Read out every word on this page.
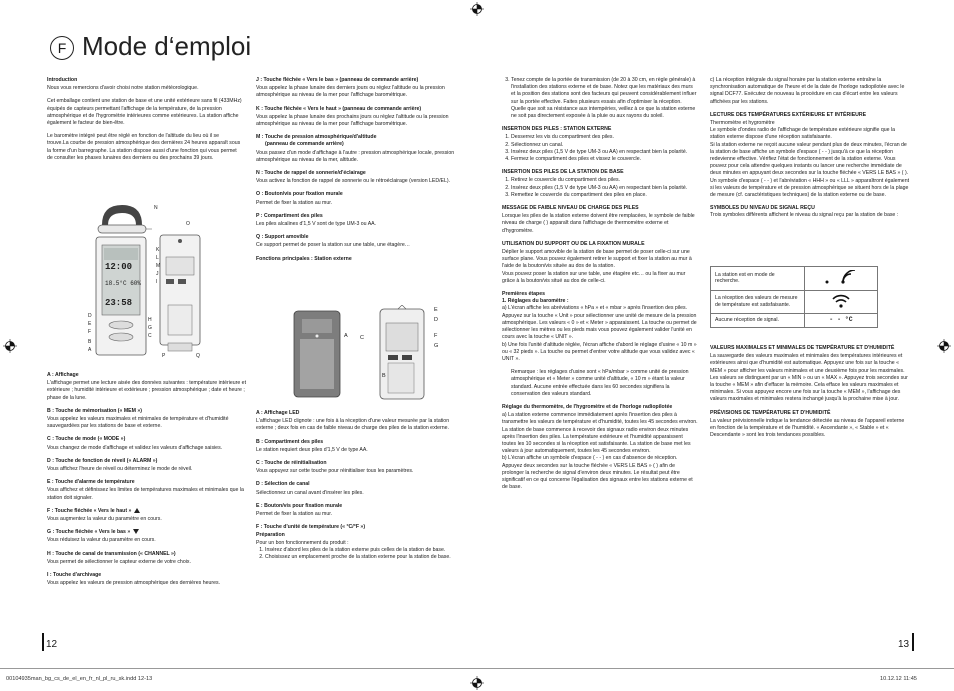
F Mode d‘emploi

Introduction

Nous vous remercions d'avoir choisi notre station météorologique.

Cet emballage contient une station de base et une unité extérieure sans fil (433MHz) équipés de capteurs permettant l'affichage de la température, de la pression atmosphérique et de l'hygrométrie intérieures comme extérieures. La station affiche également le facteur de bien-être.

Le baromètre intégré peut être réglé en fonction de l'altitude du lieu où il se trouve.La courbe de pression atmosphérique des dernières 24 heures apparaît sous la forme d'un barregraphe. La station dispose aussi d'une fonction qui vous permet de consulter les phases lunaires des derniers ou des prochains 39 jours.

12:00
18.5°C 60%
23:58
N
O
K
L
M
J
I
D
E
H
G
F
B
C
A
P	Q

A : Affichage

L'affichage permet une lecture aisée des données suivantes : température intérieure et extérieure ; humidité intérieure et extérieure ; pression atmosphérique ; date et heure ; phase de la lune.

B : Touche de mémorisation (« MEM »)

Vous appelez les valeurs maximales et minimales de température et d'humidité sauvegardées par les stations de base et externe.

C : Touche de mode (« MODE »)

Vous changez de mode d'affichage et validez les valeurs d'affichage saisies.

D : Touche de fonction de réveil (« ALARM »)

Vous affichez l'heure de réveil ou déterminez le mode de réveil.

E : Touche d'alarme de température

Vous affichez et définissez les limites de températures maximales et minimales que la station doit signaler.

F : Touche fléchée « Vers le haut »

Vous augmentez la valeur du paramètre en cours.

G : Touche fléchée « Vers le bas »

Vous réduisez la valeur du paramètre en cours.

H : Touche de canal de transmission (« CHANNEL »)

Vous permet de sélectionner le capteur externe de votre choix.

I : Touche d'archivage

Vous appelez les valeurs de pression atmosphérique des dernières heures.

J : Touche fléchée « Vers le bas » (panneau de commande arrière)

Vous appelez la phase lunaire des derniers jours ou réglez l'altitude ou la pression atmosphérique au niveau de la mer pour l'affichage barométrique.

K : Touche fléchée « Vers le haut » (panneau de commande arrière)

Vous appelez la phase lunaire des prochains jours ou réglez l'altitude ou la pression atmosphérique au niveau de la mer pour l'affichage barométrique.

M : Touche de pression atmosphérique/d'altitude

(panneau de commande arrière)

Vous passez d'un mode d'affichage à l'autre : pression atmosphérique locale, pression atmosphérique au niveau de la mer, altitude.

N : Touche de rappel de sonnerie/d'éclairage

Vous activez la fonction de rappel de sonnerie ou le rétroéclairage (version LED/EL).

O : Bouton/vis pour fixation murale

Permet de fixer la station au mur.

P : Compartiment des piles

Les piles alcalines d'1,5 V sont de type UM-3 ou AA.

Q : Support amovible

Ce support permet de poser la station sur une table, une étagère…

Fonctions principales : Station externe

A
B
C
D
E
F
G

A : Affichage LED

L'affichage LED clignote : une fois à la réception d'une valeur mesurée par la station externe ; deux fois en cas de faible niveau de charge des piles de la station externe.

B : Compartiment des piles

Le station requiert deux piles d'1,5 V de type AA.

C : Touche de réinitialisation

Vous appuyez sur cette touche pour réinitialiser tous les paramètres.

D : Sélection de canal

Sélectionnez un canal avant d'insérer les piles.

E : Bouton/vis pour fixation murale

Permet de fixer la station au mur.

F : Touche d'unité de température (« °C/°F »)

Préparation

Pour un bon fonctionnement du produit :

1. Insérez d'abord les piles de la station externe puis celles de la station de base.
2. Choisissez un emplacement proche de la station externe pour la station de base.
3. Tenez compte de la portée de transmission (de 20 à 30 cm, en règle générale) à l'installation des stations externe et de base. Notez que les matériaux des murs et la position des stations sont des facteurs qui peuvent considérablement influer sur la portée effective. Faites plusieurs essais afin d'optimiser la réception. Quelle que soit sa résistance aux intempéries, veillez à ce que la station externe ne soit pas directement exposée à la pluie ou aux rayons du soleil.

INSERTION DES PILES : STATION EXTERNE

1. Desserrez les vis du compartiment des piles.
2. Sélectionnez un canal.
3. Insérez deux piles (1,5 V de type UM-3 ou AA) en respectant bien la polarité.
4. Fermez le compartiment des piles et vissez le couvercle.

INSERTION DES PILES DE LA STATION DE BASE

1. Retirez le couvercle du compartiment des piles.
2. Insérez deux piles (1,5 V de type UM-3 ou AA) en respectant bien la polarité.
3. Remettez le couvercle du compartiment des piles en place.

MESSAGE DE FAIBLE NIVEAU DE CHARGE DES PILES

Lorsque les piles de la station externe doivent être remplacées, le symbole de faible niveau de charge ( ) apparaît dans l'affichage de thermomètre externe et d'hygromètre.

UTILISATION DU SUPPORT OU DE LA FIXATION MURALE

Déplier le support amovible de la station de base permet de poser celle-ci sur une surface plane. Vous pouvez également retirer le support et fixer la station au mur à l'aide de la bouton/vis située au dos de la station.

Vous pouvez poser la station sur une table, une étagère etc… ou la fixer au mur grâce à la bouton/vis situé au dos de celle-ci.

Premières étapes

1. Réglages du baromètre :

a) L'écran affiche les abréviations « hPa » et « mbar » après l'insertion des piles. Appuyez sur la touche « Unit » pour sélectionner une unité de mesure de la pression atmosphérique. Les valeurs « 0 » et « Meter » apparaissent. La touche ou permet de sélectionner les mètres ou les pieds mais vous pouvez également valider l'unité en cours avec la touche « UNIT ».

b) Une fois l'unité d'altitude réglée, l'écran affiche d'abord le réglage d'usine « 10 m » ou « 32 pieds ». La touche ou permet d'entrer votre altitude que vous validez avec « UNIT ».

Remarque : les réglages d'usine sont « hPa/mbar » comme unité de pression atmosphérique et « Meter » comme unité d'altitude, « 10 m » étant la valeur standard. Aucune entrée effectuée dans les 60 secondes signifiera la conservation des valeurs standard.

Réglage du thermomètre, de l'hygromètre et de l'horloge radiopilotée

a) La station externe commence immédiatement après l'insertion des piles à transmettre les valeurs de température et d'humidité, toutes les 45 secondes environ. La station de base commence à recevoir des signaux radio environ deux minutes après l'insertion des piles. La température extérieure et l'humidité apparaissent toutes les 10 secondes si la réception est satisfaisante. La station de base met les valeurs à jour automatiquement, toutes les 45 secondes environ.

b) L'écran affiche un symbole d'espace ( - - ) en cas d'absence de réception. Appuyez deux secondes sur la touche fléchée « VERS LE BAS » ( ) afin de prolonger la recherche de signal d'environ deux minutes. Le résultat peut être significatif en ce qui concerne l'égalisation des signaux entre les stations externe et de base.

c) La réception intégrale du signal horaire par la station externe entraîne la synchronisation automatique de l'heure et de la date de l'horloge radiopilotée avec le signal DCF77. Exécutez de nouveau la procédure en cas d'écart entre les valeurs affichées par les stations.

LECTURE DES TEMPÉRATURES EXTÉRIEURE ET INTÉRIEURE

Thermomètre et hygromètre
Le symbole d'ondes radio de l'affichage de température extérieure signifie que la station externe dispose d'une réception satisfaisante.
Si la station externe ne reçoit aucune valeur pendant plus de deux minutes, l'écran de la station de base affiche un symbole d'espace ( - - ) jusqu'à ce que la réception redevienne effective. Vérifiez l'état de fonctionnement de la station externe. Vous pouvez pour cela attendre quelques instants ou lancer une recherche immédiate de deux minutes en appuyant deux secondes sur la touche fléchée « VERS LE BAS » ( ). Un symbole d'espace ( - - ) et l'abréviation « HHH » ou « LLL » apparaîtront également si les valeurs de température et de pression atmosphérique se situent hors de la plage de mesure (cf. caractéristiques techniques) de la station externe ou de base.

SYMBOLES DU NIVEAU DE SIGNAL REÇU

Trois symboles différents affichent le niveau du signal reçu par la station de base :

La station est en mode de recherche.	
La réception des valeurs de mesure de température est satisfaisante.	
Aucune réception de signal.	- - °C

VALEURS MAXIMALES ET MINIMALES DE TEMPÉRATURE ET D'HUMIDITÉ

La sauvegarde des valeurs maximales et minimales des températures intérieures et extérieures ainsi que d'humidité est automatique. Appuyez une fois sur la touche « MEM » pour afficher les valeurs minimales et une deuxième fois pour les maximales.
Les valeurs se distinguent par un « MIN » ou un « MAX ». Appuyez trois secondes sur la touche « MEM » afin d'effacer la mémoire. Cela efface les valeurs maximales et minimales. Si vous appuyez encore une fois sur la touche « MEM », l'affichage des valeurs maximales et minimales restera inchangé jusqu'à la prochaine mise à jour.

PRÉVISIONS DE TEMPÉRATURE ET D'HUMIDITÉ

La valeur prévisionnelle indique la tendance détectée au niveau de l'appareil externe en fonction de la température et de l'humidité. « Ascendante », « Stable » et « Descendante » sont les trois tendances possibles.

12	13
00104935man_bg_cs_de_el_en_fr_nl_pl_ru_sk.indd 12-13	10.12.12 11:45
